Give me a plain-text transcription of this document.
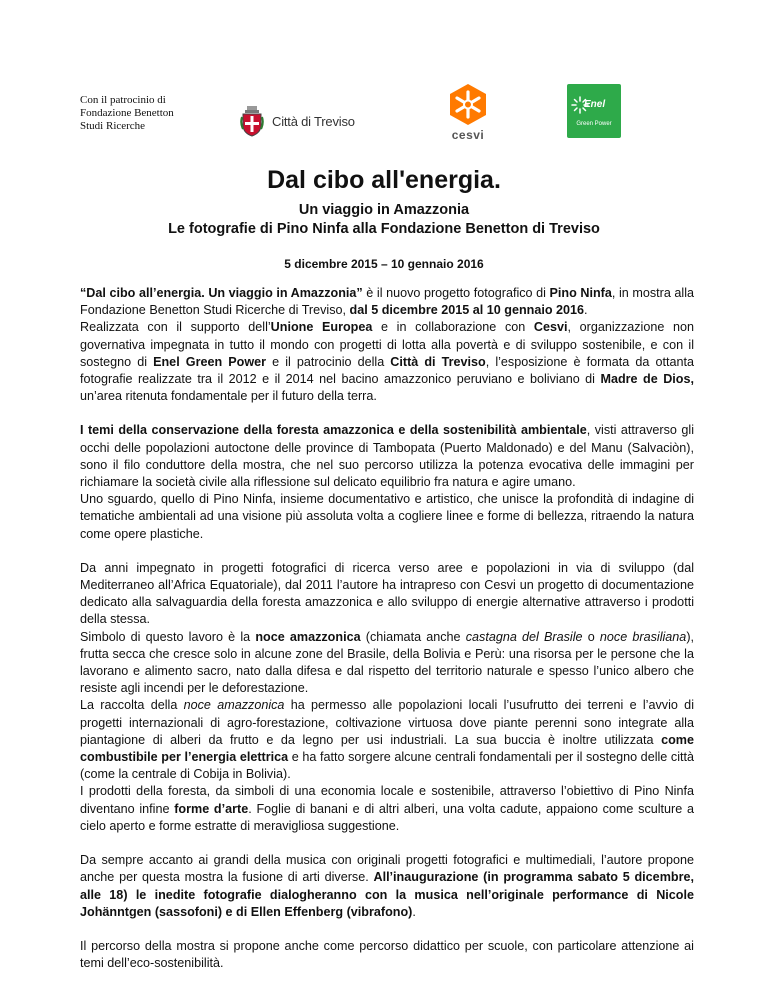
Con il patrocinio di
Fondazione Benetton
Studi Ricerche	Città di Treviso
cesvi
Enel
Green Power
Dal cibo all'energia.
Un viaggio in Amazzonia
Le fotografie di Pino Ninfa alla Fondazione Benetton di Treviso
5 dicembre 2015 – 10 gennaio 2016

“Dal cibo all’energia. Un viaggio in Amazzonia” è il nuovo progetto fotografico di Pino Ninfa, in mostra alla Fondazione Benetton Studi Ricerche di Treviso, dal 5 dicembre 2015 al 10 gennaio 2016.
Realizzata con il supporto dell’Unione Europea e in collaborazione con Cesvi, organizzazione non governativa impegnata in tutto il mondo con progetti di lotta alla povertà e di sviluppo sostenibile, e con il sostegno di Enel Green Power e il patrocinio della Città di Treviso, l’esposizione è formata da ottanta fotografie realizzate tra il 2012 e il 2014 nel bacino amazzonico peruviano e boliviano di Madre de Dios, un’area ritenuta fondamentale per il futuro della terra.

I temi della conservazione della foresta amazzonica e della sostenibilità ambientale, visti attraverso gli occhi delle popolazioni autoctone delle province di Tambopata (Puerto Maldonado) e del Manu (Salvaciòn), sono il filo conduttore della mostra, che nel suo percorso utilizza la potenza evocativa delle immagini per richiamare la società civile alla riflessione sul delicato equilibrio fra natura e agire umano.
Uno sguardo, quello di Pino Ninfa, insieme documentativo e artistico, che unisce la profondità di indagine di tematiche ambientali ad una visione più assoluta volta a cogliere linee e forme di bellezza, ritraendo la natura come opere plastiche.

Da anni impegnato in progetti fotografici di ricerca verso aree e popolazioni in via di sviluppo (dal Mediterraneo all’Africa Equatoriale), dal 2011 l’autore ha intrapreso con Cesvi un progetto di documentazione dedicato alla salvaguardia della foresta amazzonica e allo sviluppo di energie alternative attraverso i prodotti della stessa.
Simbolo di questo lavoro è la noce amazzonica (chiamata anche castagna del Brasile o noce brasiliana), frutta secca che cresce solo in alcune zone del Brasile, della Bolivia e Perù: una risorsa per le persone che la lavorano e alimento sacro, nato dalla difesa e dal rispetto del territorio naturale e spesso l’unico albero che resiste agli incendi per le deforestazione.
La raccolta della noce amazzonica ha permesso alle popolazioni locali l’usufrutto dei terreni e l’avvio di progetti internazionali di agro-forestazione, coltivazione virtuosa dove piante perenni sono integrate alla piantagione di alberi da frutto e da legno per usi industriali. La sua buccia è inoltre utilizzata come combustibile per l’energia elettrica e ha fatto sorgere alcune centrali fondamentali per il sostegno delle città (come la centrale di Cobija in Bolivia).
I prodotti della foresta, da simboli di una economia locale e sostenibile, attraverso l’obiettivo di Pino Ninfa diventano infine forme d’arte. Foglie di banani e di altri alberi, una volta cadute, appaiono come sculture a cielo aperto e forme estratte di meravigliosa suggestione.

Da sempre accanto ai grandi della musica con originali progetti fotografici e multimediali, l’autore propone anche per questa mostra la fusione di arti diverse. All’inaugurazione (in programma sabato 5 dicembre, alle 18) le inedite fotografie dialogheranno con la musica nell’originale performance di Nicole Johänntgen (sassofoni) e di Ellen Effenberg (vibrafono).

Il percorso della mostra si propone anche come percorso didattico per scuole, con particolare attenzione ai temi dell’eco-sostenibilità.
